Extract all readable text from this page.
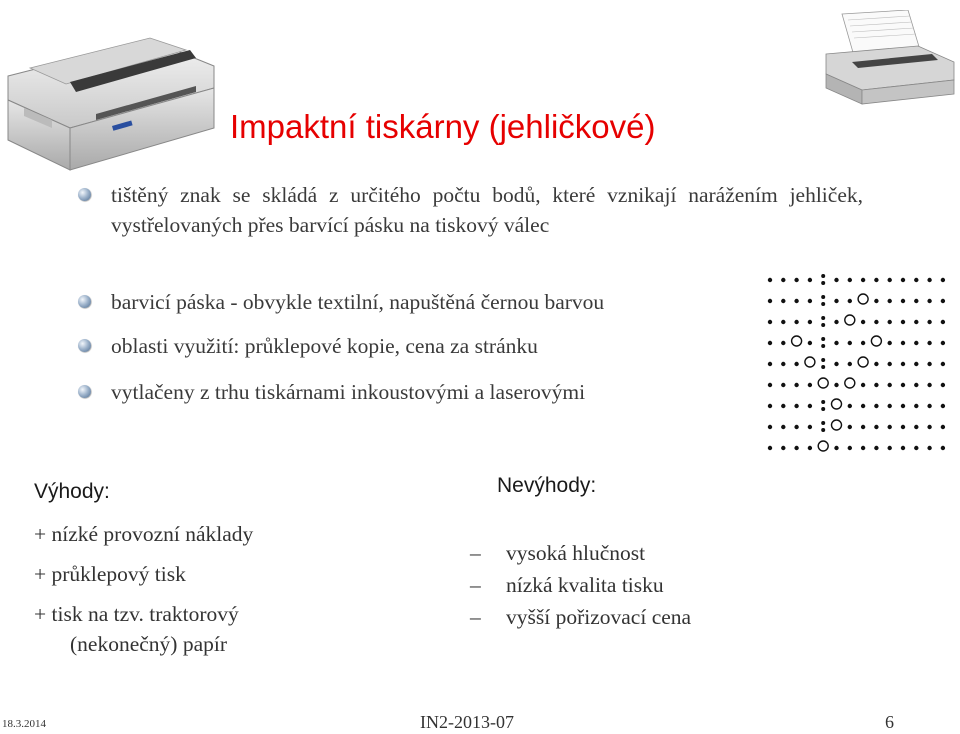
Impaktní tiskárny (jehličkové)
tištěný znak se skládá z určitého počtu bodů, které vznikají narážením jehliček, vystřelovaných přes barvící pásku na tiskový válec
barvicí páska - obvykle textilní, napuštěná černou barvou
oblasti využití: průklepové kopie, cena za stránku
vytlačeny z trhu tiskárnami inkoustovými a laserovými
Výhody:
+ nízké provozní náklady
+ průklepový tisk
+ tisk na tzv. traktorový
(nekonečný) papír
Nevýhody:
– vysoká hlučnost
– nízká kvalita tisku
– vyšší pořizovací cena
18.3.2014	IN2-2013-07	6
